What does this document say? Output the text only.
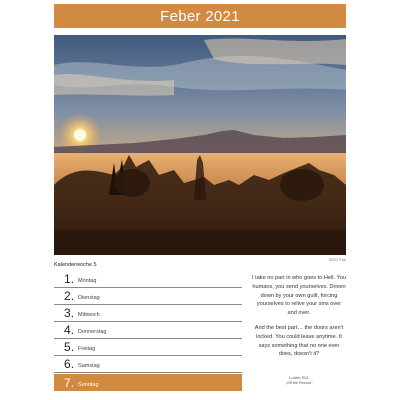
Feber 2021
2020 ©nk
Kalenderwoche 5
1 . Montag
2 . Dienstag
3 . Mittwoch
4 . Donnerstag
5 . Freitag
6 . Samstag
7 . Sonntag

I take no part in who goes to Hell. You humans, you send yourselves. Driven down by your own guilt, forcing yourselves to relive your sins over and over.

And the best part… the doors aren't locked. You could leave anytime. It says something that no one ever does, doesn't it?

Lucifer S01
„Off the Record"
